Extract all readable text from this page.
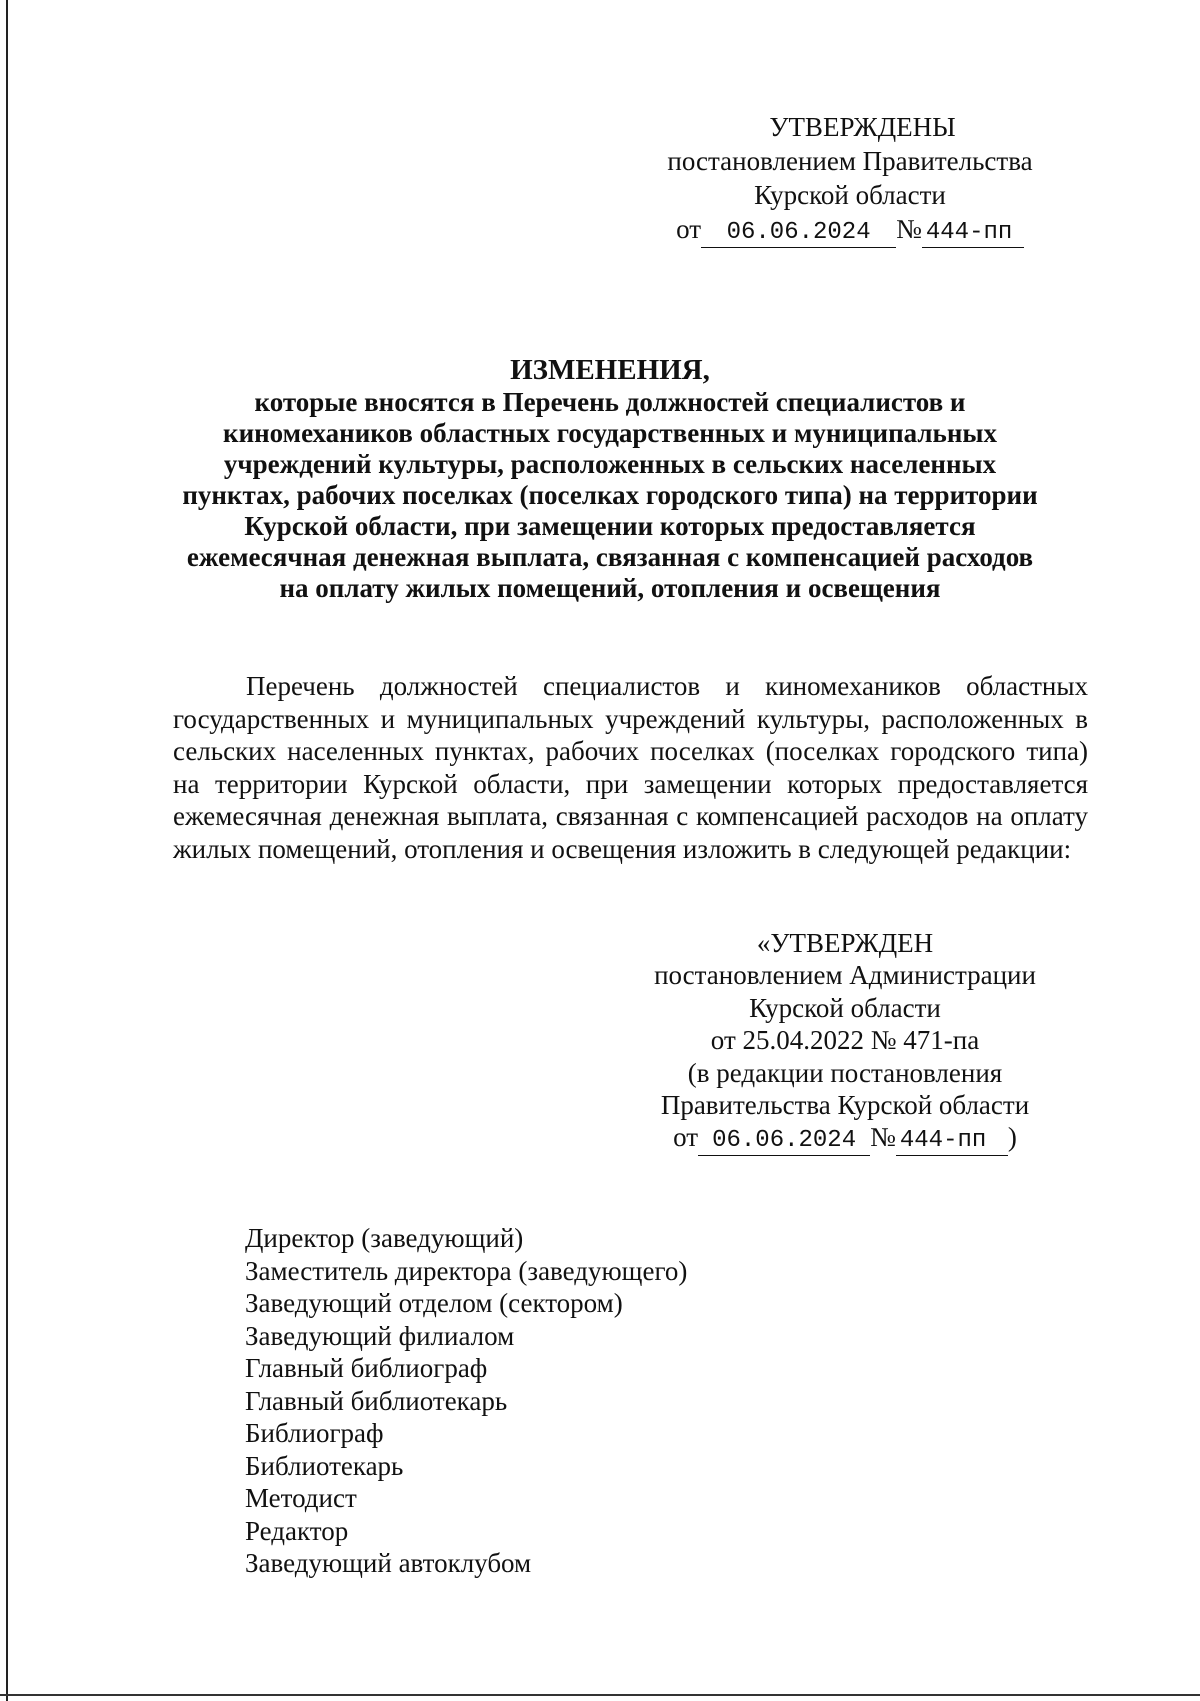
УТВЕРЖДЕНЫ
постановлением Правительства
Курской области
от	06.06.2024 № 444-пп
ИЗМЕНЕНИЯ,
которые вносятся в Перечень должностей специалистов и
киномехаников областных государственных и муниципальных
учреждений культуры, расположенных в сельских населенных
пунктах, рабочих поселках (поселках городского типа) на территории
Курской области, при замещении которых предоставляется
ежемесячная денежная выплата, связанная с компенсацией расходов
на оплату жилых помещений, отопления и освещения

Перечень должностей специалистов и киномехаников областных государственных и муниципальных учреждений культуры, расположенных в сельских населенных пунктах, рабочих поселках (поселках городского типа) на территории Курской области, при замещении которых предоставляется ежемесячная денежная выплата, связанная с компенсацией расходов на оплату жилых помещений, отопления и освещения изложить в следующей редакции:

«УТВЕРЖДЕН
постановлением Администрации
Курской области
от 25.04.2022 № 471-па
(в редакции постановления
Правительства Курской области
от 06.06.2024 № 444-пп )
Директор (заведующий)
Заместитель директора (заведующего)
Заведующий отделом (сектором)
Заведующий филиалом
Главный библиограф
Главный библиотекарь
Библиограф
Библиотекарь
Методист
Редактор
Заведующий автоклубом
